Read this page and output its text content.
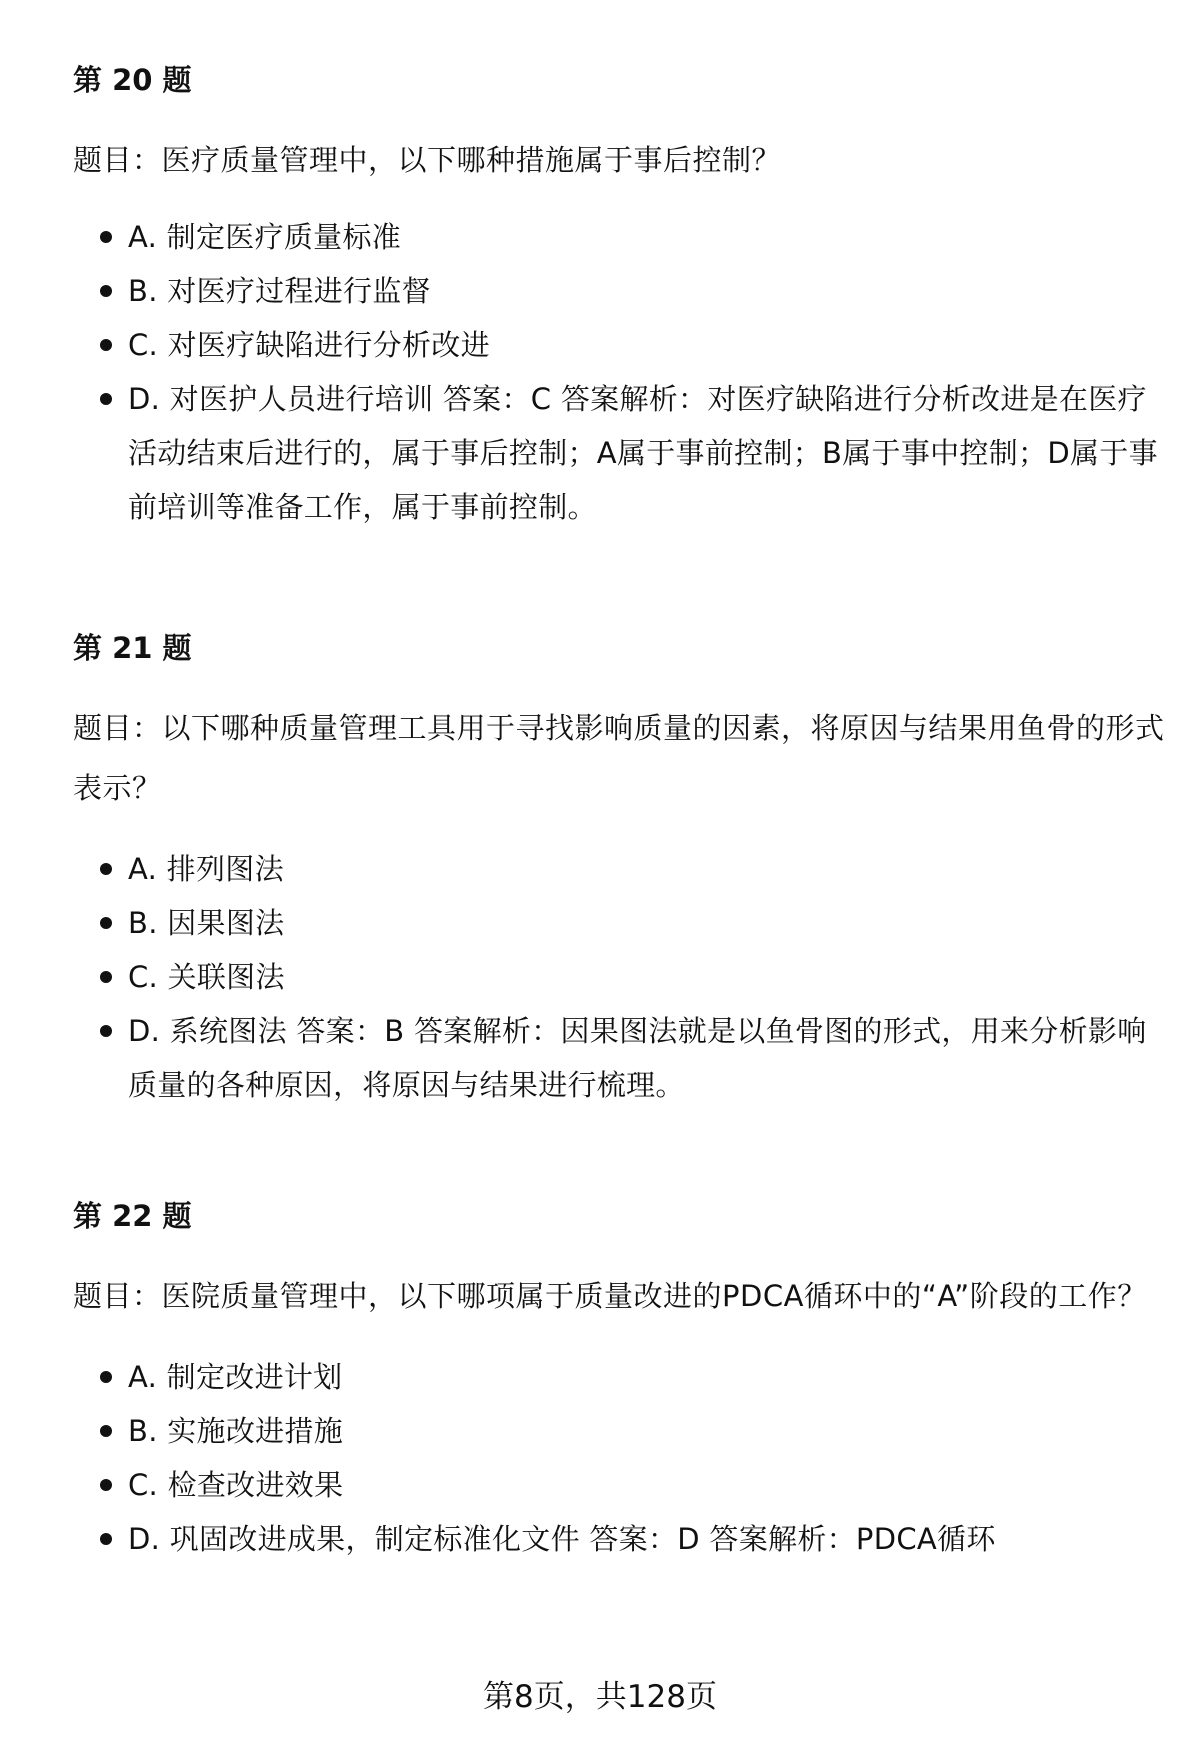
第 20 题

题目：医疗质量管理中，以下哪种措施属于事后控制？

A. 制定医疗质量标准
B. 对医疗过程进行监督
C. 对医疗缺陷进行分析改进
D. 对医护人员进行培训 答案：C 答案解析：对医疗缺陷进行分析改进是在医疗活动结束后进行的，属于事后控制；A属于事前控制；B属于事中控制；D属于事前培训等准备工作，属于事前控制。
第 21 题

题目：以下哪种质量管理工具用于寻找影响质量的因素，将原因与结果用鱼骨的形式表示？

A. 排列图法
B. 因果图法
C. 关联图法
D. 系统图法 答案：B 答案解析：因果图法就是以鱼骨图的形式，用来分析影响质量的各种原因，将原因与结果进行梳理。
第 22 题

题目：医院质量管理中，以下哪项属于质量改进的PDCA循环中的“A”阶段的工作？

A. 制定改进计划
B. 实施改进措施
C. 检查改进效果
D. 巩固改进成果，制定标准化文件 答案：D 答案解析：PDCA循环
第8页，共128页
